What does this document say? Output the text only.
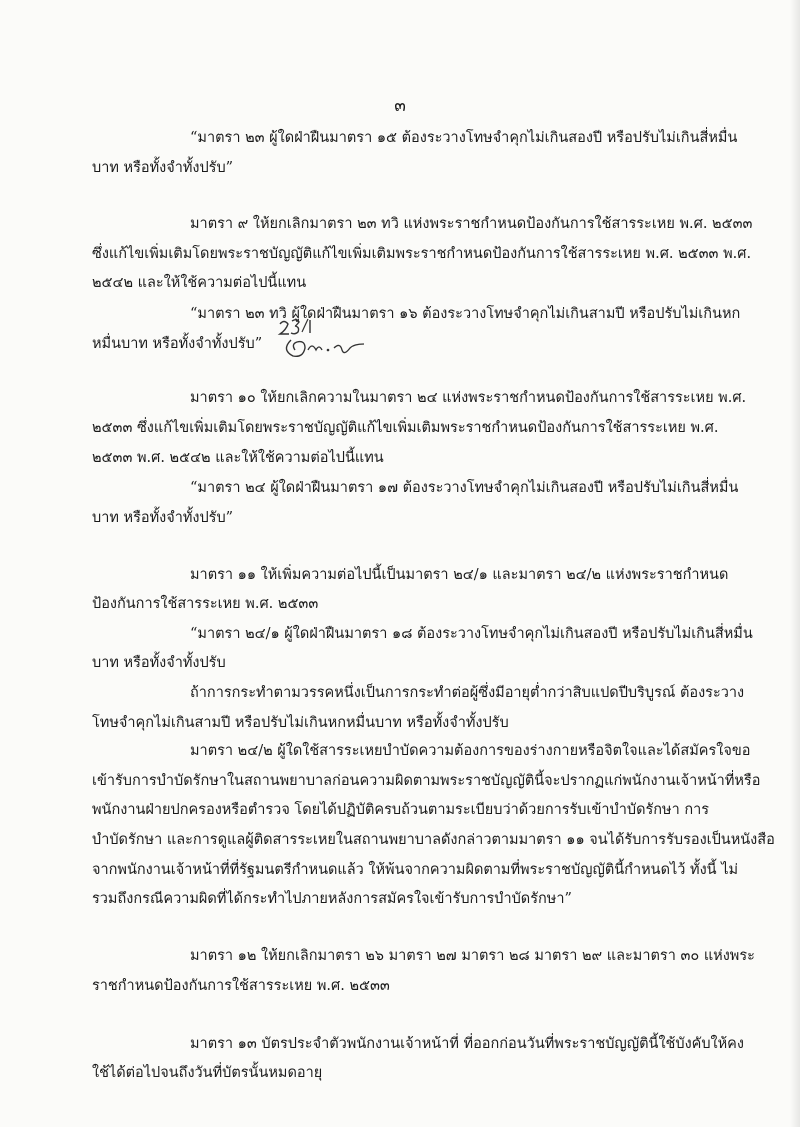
๓
“มาตรา ๒๓ ผู้ใดฝ่าฝืนมาตรา ๑๕ ต้องระวางโทษจำคุกไม่เกินสองปี หรือปรับไม่เกินสี่หมื่น
บาท หรือทั้งจำทั้งปรับ”
มาตรา ๙ ให้ยกเลิกมาตรา ๒๓ ทวิ แห่งพระราชกำหนดป้องกันการใช้สารระเหย พ.ศ. ๒๕๓๓
ซึ่งแก้ไขเพิ่มเติมโดยพระราชบัญญัติแก้ไขเพิ่มเติมพระราชกำหนดป้องกันการใช้สารระเหย พ.ศ. ๒๕๓๓ พ.ศ.
๒๕๔๒ และให้ใช้ความต่อไปนี้แทน
“มาตรา ๒๓ ทวิ ผู้ใดฝ่าฝืนมาตรา ๑๖ ต้องระวางโทษจำคุกไม่เกินสามปี หรือปรับไม่เกินหก
หมื่นบาท หรือทั้งจำทั้งปรับ”
มาตรา ๑๐ ให้ยกเลิกความในมาตรา ๒๔ แห่งพระราชกำหนดป้องกันการใช้สารระเหย พ.ศ.
๒๕๓๓ ซึ่งแก้ไขเพิ่มเติมโดยพระราชบัญญัติแก้ไขเพิ่มเติมพระราชกำหนดป้องกันการใช้สารระเหย พ.ศ.
๒๕๓๓ พ.ศ. ๒๕๔๒ และให้ใช้ความต่อไปนี้แทน
“มาตรา ๒๔ ผู้ใดฝ่าฝืนมาตรา ๑๗ ต้องระวางโทษจำคุกไม่เกินสองปี หรือปรับไม่เกินสี่หมื่น
บาท หรือทั้งจำทั้งปรับ”
มาตรา ๑๑ ให้เพิ่มความต่อไปนี้เป็นมาตรา ๒๔/๑ และมาตรา ๒๔/๒ แห่งพระราชกำหนด
ป้องกันการใช้สารระเหย พ.ศ. ๒๕๓๓
“มาตรา ๒๔/๑ ผู้ใดฝ่าฝืนมาตรา ๑๘ ต้องระวางโทษจำคุกไม่เกินสองปี หรือปรับไม่เกินสี่หมื่น
บาท หรือทั้งจำทั้งปรับ
ถ้าการกระทำตามวรรคหนึ่งเป็นการกระทำต่อผู้ซึ่งมีอายุต่ำกว่าสิบแปดปีบริบูรณ์ ต้องระวาง
โทษจำคุกไม่เกินสามปี หรือปรับไม่เกินหกหมื่นบาท หรือทั้งจำทั้งปรับ
มาตรา ๒๔/๒ ผู้ใดใช้สารระเหยบำบัดความต้องการของร่างกายหรือจิตใจและได้สมัครใจขอ
เข้ารับการบำบัดรักษาในสถานพยาบาลก่อนความผิดตามพระราชบัญญัตินี้จะปรากฏแก่พนักงานเจ้าหน้าที่หรือ
พนักงานฝ่ายปกครองหรือตำรวจ โดยได้ปฏิบัติครบถ้วนตามระเบียบว่าด้วยการรับเข้าบำบัดรักษา การ
บำบัดรักษา และการดูแลผู้ติดสารระเหยในสถานพยาบาลดังกล่าวตามมาตรา ๑๑ จนได้รับการรับรองเป็นหนังสือ
จากพนักงานเจ้าหน้าที่ที่รัฐมนตรีกำหนดแล้ว ให้พ้นจากความผิดตามที่พระราชบัญญัตินี้กำหนดไว้ ทั้งนี้ ไม่
รวมถึงกรณีความผิดที่ได้กระทำไปภายหลังการสมัครใจเข้ารับการบำบัดรักษา”
มาตรา ๑๒ ให้ยกเลิกมาตรา ๒๖ มาตรา ๒๗ มาตรา ๒๘ มาตรา ๒๙ และมาตรา ๓๐ แห่งพระ
ราชกำหนดป้องกันการใช้สารระเหย พ.ศ. ๒๕๓๓
มาตรา ๑๓ บัตรประจำตัวพนักงานเจ้าหน้าที่ ที่ออกก่อนวันที่พระราชบัญญัตินี้ใช้บังคับให้คง
ใช้ได้ต่อไปจนถึงวันที่บัตรนั้นหมดอายุ
